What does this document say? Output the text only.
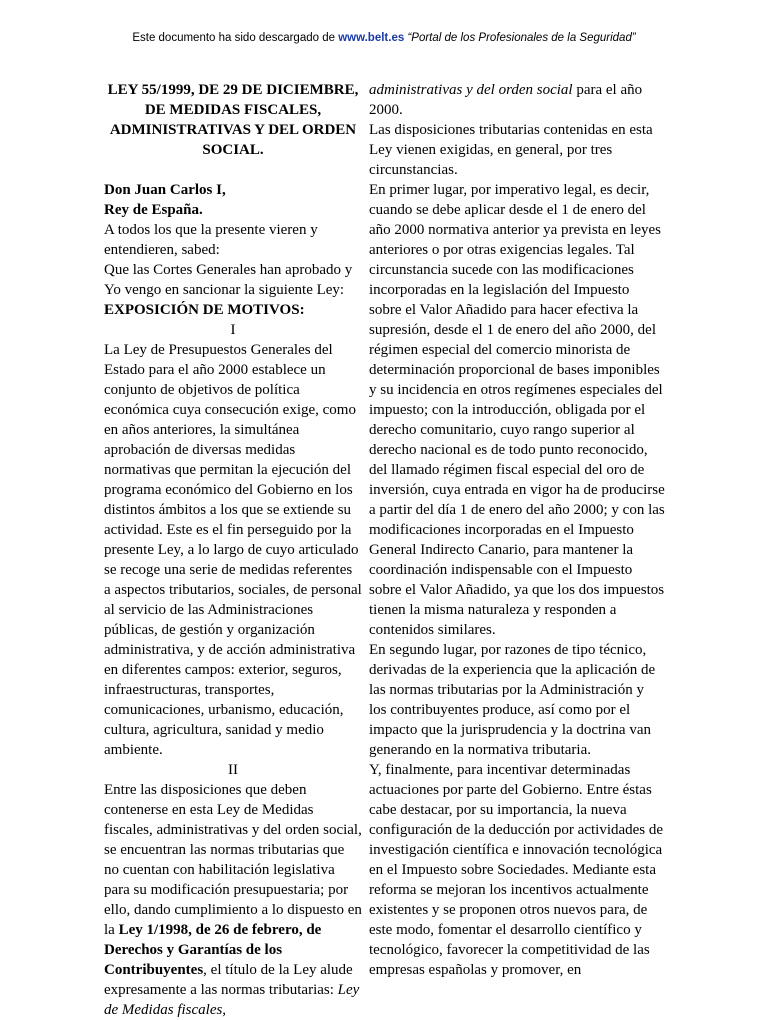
Este documento ha sido descargado de www.belt.es “Portal de los Profesionales de la Seguridad”

LEY 55/1999, DE 29 DE DICIEMBRE, DE MEDIDAS FISCALES, ADMINISTRATIVAS Y DEL ORDEN SOCIAL.

Don Juan Carlos I,

Rey de España.

A todos los que la presente vieren y entendieren, sabed:

Que las Cortes Generales han aprobado y Yo vengo en sancionar la siguiente Ley:

EXPOSICIÓN DE MOTIVOS:

I

La Ley de Presupuestos Generales del Estado para el año 2000 establece un conjunto de objetivos de política económica cuya consecución exige, como en años anteriores, la simultánea aprobación de diversas medidas normativas que permitan la ejecución del programa económico del Gobierno en los distintos ámbitos a los que se extiende su actividad. Este es el fin perseguido por la presente Ley, a lo largo de cuyo articulado se recoge una serie de medidas referentes a aspectos tributarios, sociales, de personal al servicio de las Administraciones públicas, de gestión y organización administrativa, y de acción administrativa en diferentes campos: exterior, seguros, infraestructuras, transportes, comunicaciones, urbanismo, educación, cultura, agricultura, sanidad y medio ambiente.

II

Entre las disposiciones que deben contenerse en esta Ley de Medidas fiscales, administrativas y del orden social, se encuentran las normas tributarias que no cuentan con habilitación legislativa para su modificación presupuestaria; por ello, dando cumplimiento a lo dispuesto en la Ley 1/1998, de 26 de febrero, de Derechos y Garantías de los Contribuyentes, el título de la Ley alude expresamente a las normas tributarias: Ley de Medidas fiscales,

administrativas y del orden social para el año 2000.

Las disposiciones tributarias contenidas en esta Ley vienen exigidas, en general, por tres circunstancias.

En primer lugar, por imperativo legal, es decir, cuando se debe aplicar desde el 1 de enero del año 2000 normativa anterior ya prevista en leyes anteriores o por otras exigencias legales. Tal circunstancia sucede con las modificaciones incorporadas en la legislación del Impuesto sobre el Valor Añadido para hacer efectiva la supresión, desde el 1 de enero del año 2000, del régimen especial del comercio minorista de determinación proporcional de bases imponibles y su incidencia en otros regímenes especiales del impuesto; con la introducción, obligada por el derecho comunitario, cuyo rango superior al derecho nacional es de todo punto reconocido, del llamado régimen fiscal especial del oro de inversión, cuya entrada en vigor ha de producirse a partir del día 1 de enero del año 2000; y con las modificaciones incorporadas en el Impuesto General Indirecto Canario, para mantener la coordinación indispensable con el Impuesto sobre el Valor Añadido, ya que los dos impuestos tienen la misma naturaleza y responden a contenidos similares.

En segundo lugar, por razones de tipo técnico, derivadas de la experiencia que la aplicación de las normas tributarias por la Administración y los contribuyentes produce, así como por el impacto que la jurisprudencia y la doctrina van generando en la normativa tributaria.

Y, finalmente, para incentivar determinadas actuaciones por parte del Gobierno. Entre éstas cabe destacar, por su importancia, la nueva configuración de la deducción por actividades de investigación científica e innovación tecnológica en el Impuesto sobre Sociedades. Mediante esta reforma se mejoran los incentivos actualmente existentes y se proponen otros nuevos para, de este modo, fomentar el desarrollo científico y tecnológico, favorecer la competitividad de las empresas españolas y promover, en
